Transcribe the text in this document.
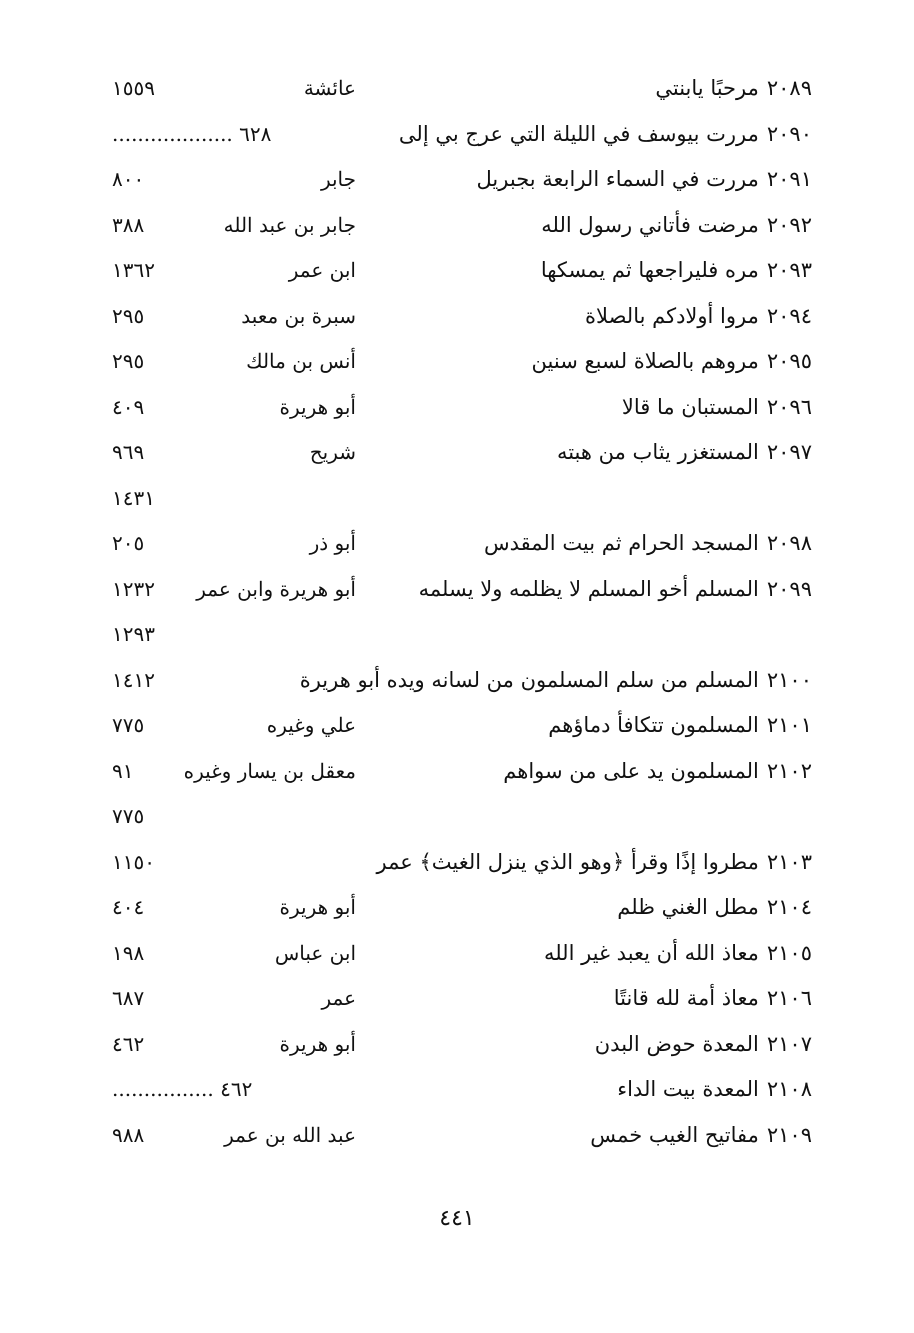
٢٠٨٩مرحبًا يابنتي
عائشة
١٥٥٩
٢٠٩٠مررت بيوسف في الليلة التي عرج بي إلى
٦٢٨ ...................
٢٠٩١مررت في السماء الرابعة بجبريل
جابر
٨٠٠
٢٠٩٢مرضت فأتاني رسول الله
جابر بن عبد الله
٣٨٨
٢٠٩٣مره فليراجعها ثم يمسكها
ابن عمر
١٣٦٢
٢٠٩٤مروا أولادكم بالصلاة
سبرة بن معبد
٢٩٥
٢٠٩٥مروهم بالصلاة لسبع سنين
أنس بن مالك
٢٩٥
٢٠٩٦المستبان ما قالا
أبو هريرة
٤٠٩
٢٠٩٧المستغزر يثاب من هبته
شريح
٩٦٩
١٤٣١
٢٠٩٨المسجد الحرام ثم بيت المقدس
أبو ذر
٢٠٥
٢٠٩٩المسلم أخو المسلم لا يظلمه ولا يسلمه
أبو هريرة وابن عمر
١٢٣٢
١٢٩٣
٢١٠٠المسلم من سلم المسلمون من لسانه ويده أبو هريرة
١٤١٢
٢١٠١المسلمون تتكافأ دماؤهم
علي وغيره
٧٧٥
٢١٠٢المسلمون يد على من سواهم
معقل بن يسار وغيره
٩١
٧٧٥
٢١٠٣مطروا إذًا وقرأ ﴿وهو الذي ينزل الغيث﴾ عمر
١١٥٠
٢١٠٤مطل الغني ظلم
أبو هريرة
٤٠٤
٢١٠٥معاذ الله أن يعبد غير الله
ابن عباس
١٩٨
٢١٠٦معاذ أمة لله قانتًا
عمر
٦٨٧
٢١٠٧المعدة حوض البدن
أبو هريرة
٤٦٢
٢١٠٨المعدة بيت الداء
٤٦٢ ................
٢١٠٩مفاتيح الغيب خمس
عبد الله بن عمر
٩٨٨
٤٤١
